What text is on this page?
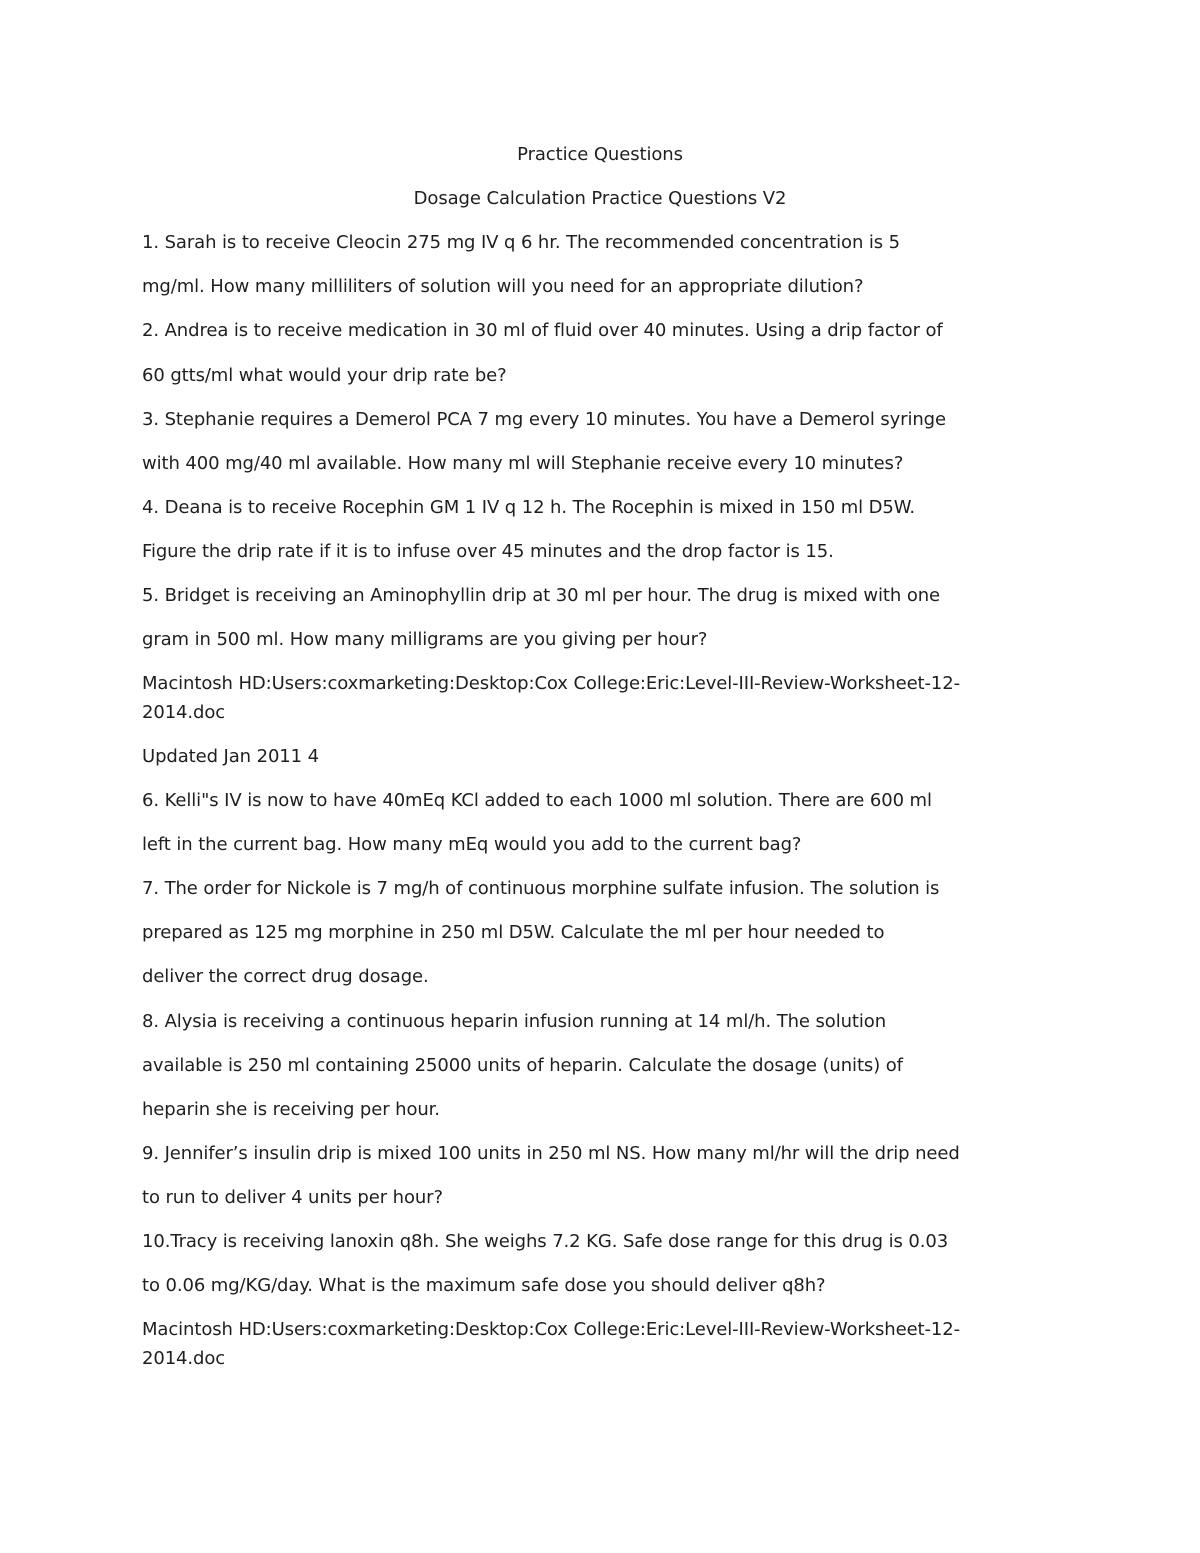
Practice Questions
Dosage Calculation Practice Questions V2
1. Sarah is to receive Cleocin 275 mg IV q 6 hr. The recommended concentration is 5
mg/ml. How many milliliters of solution will you need for an appropriate dilution?
2. Andrea is to receive medication in 30 ml of fluid over 40 minutes. Using a drip factor of
60 gtts/ml what would your drip rate be?
3. Stephanie requires a Demerol PCA 7 mg every 10 minutes. You have a Demerol syringe
with 400 mg/40 ml available. How many ml will Stephanie receive every 10 minutes?
4. Deana is to receive Rocephin GM 1 IV q 12 h. The Rocephin is mixed in 150 ml D5W.
Figure the drip rate if it is to infuse over 45 minutes and the drop factor is 15.
5. Bridget is receiving an Aminophyllin drip at 30 ml per hour. The drug is mixed with one
gram in 500 ml. How many milligrams are you giving per hour?
Macintosh HD:Users:coxmarketing:Desktop:Cox College:Eric:Level-III-Review-Worksheet-12-
2014.doc
Updated Jan 2011 4
6. Kelli"s IV is now to have 40mEq KCl added to each 1000 ml solution. There are 600 ml
left in the current bag. How many mEq would you add to the current bag?
7. The order for Nickole is 7 mg/h of continuous morphine sulfate infusion. The solution is
prepared as 125 mg morphine in 250 ml D5W. Calculate the ml per hour needed to
deliver the correct drug dosage.
8. Alysia is receiving a continuous heparin infusion running at 14 ml/h. The solution
available is 250 ml containing 25000 units of heparin. Calculate the dosage (units) of
heparin she is receiving per hour.
9. Jennifer’s insulin drip is mixed 100 units in 250 ml NS. How many ml/hr will the drip need
to run to deliver 4 units per hour?
10.Tracy is receiving lanoxin q8h. She weighs 7.2 KG. Safe dose range for this drug is 0.03
to 0.06 mg/KG/day. What is the maximum safe dose you should deliver q8h?
Macintosh HD:Users:coxmarketing:Desktop:Cox College:Eric:Level-III-Review-Worksheet-12-
2014.doc
